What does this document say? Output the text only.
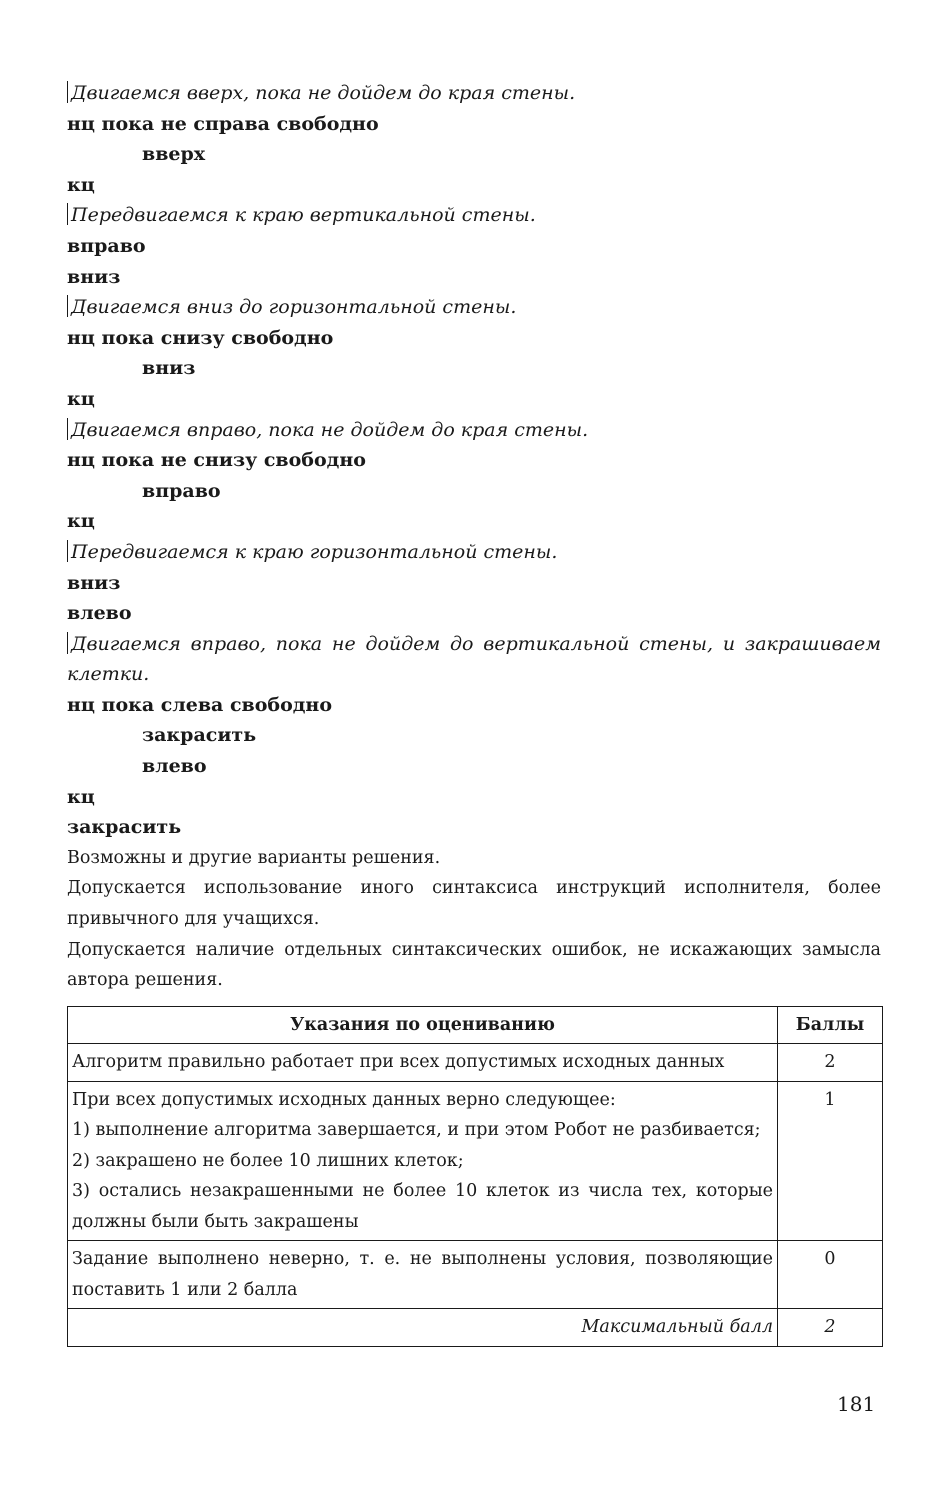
Двигаемся вверх, пока не дойдем до края стены.
нц пока не справа свободно
вверх
кц
Передвигаемся к краю вертикальной стены.
вправо
вниз
Двигаемся вниз до горизонтальной стены.
нц пока снизу свободно
вниз
кц
Двигаемся вправо, пока не дойдем до края стены.
нц пока не снизу свободно
вправо
кц
Передвигаемся к краю горизонтальной стены.
вниз
влево
Двигаемся вправо, пока не дойдем до вертикальной стены, и закрашиваем клетки.
нц пока слева свободно
закрасить
влево
кц
закрасить
Возможны и другие варианты решения.
Допускается использование иного синтаксиса инструкций исполнителя, более привычного для учащихся.
Допускается наличие отдельных синтаксических ошибок, не искажающих замысла автора решения.
Указания по оцениванию	Баллы
Алгоритм правильно работает при всех допустимых исходных данных	2

При всех допустимых исходных данных верно следующее:
1) выполнение алгоритма завершается, и при этом Робот не разбивается;
2) закрашено не более 10 лишних клеток;
3) остались незакрашенными не более 10 клеток из числа тех, которые должны были быть закрашены	1
Задание выполнено неверно, т. е. не выполнены условия, позволяющие поставить 1 или 2 балла	0
Максимальный балл	2
181
